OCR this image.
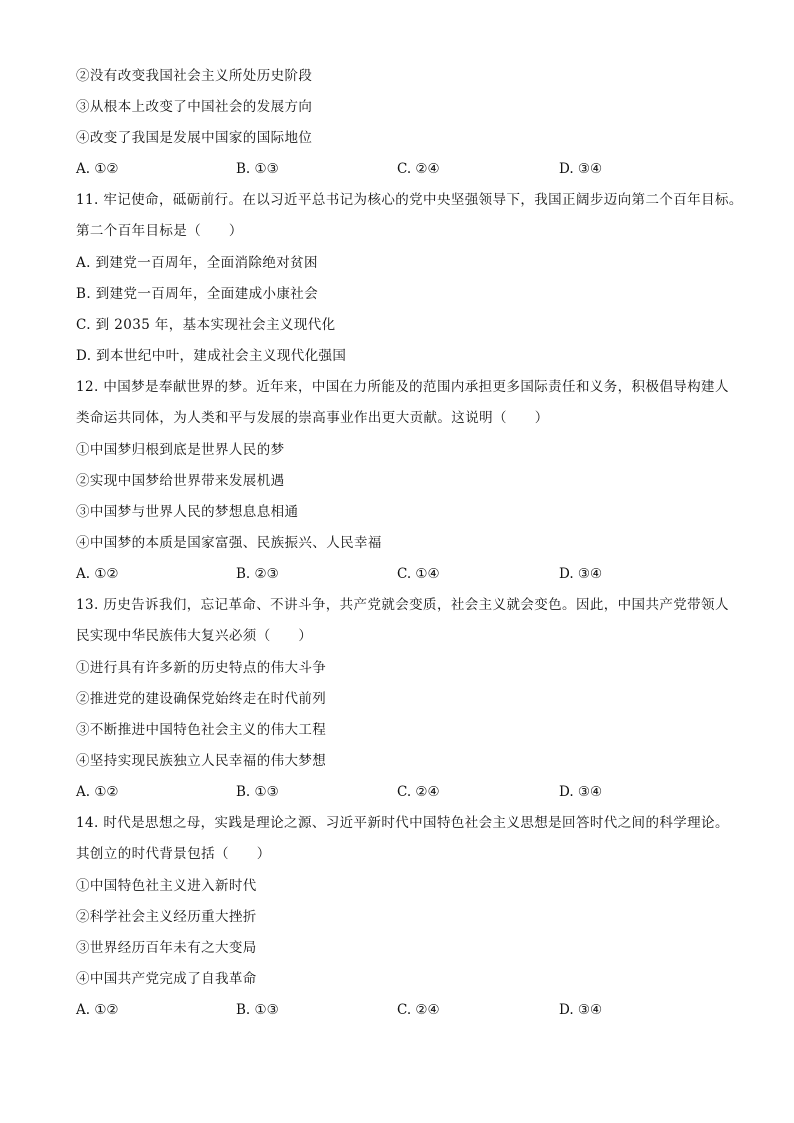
②没有改变我国社会主义所处历史阶段
③从根本上改变了中国社会的发展方向
④改变了我国是发展中国家的国际地位
A. ①②	B. ①③	C. ②④	D. ③④
11. 牢记使命，砥砺前行。在以习近平总书记为核心的党中央坚强领导下，我国正阔步迈向第二个百年目标。
第二个百年目标是（　　）
A. 到建党一百周年，全面消除绝对贫困
B. 到建党一百周年，全面建成小康社会
C. 到 2035 年，基本实现社会主义现代化
D. 到本世纪中叶，建成社会主义现代化强国
12. 中国梦是奉献世界的梦。近年来，中国在力所能及的范围内承担更多国际责任和义务，积极倡导构建人
类命运共同体，为人类和平与发展的崇高事业作出更大贡献。这说明（　　）
①中国梦归根到底是世界人民的梦
②实现中国梦给世界带来发展机遇
③中国梦与世界人民的梦想息息相通
④中国梦的本质是国家富强、民族振兴、人民幸福
A. ①②	B. ②③	C. ①④	D. ③④
13. 历史告诉我们，忘记革命、不讲斗争，共产党就会变质，社会主义就会变色。因此，中国共产党带领人
民实现中华民族伟大复兴必须（　　）
①进行具有许多新的历史特点的伟大斗争
②推进党的建设确保党始终走在时代前列
③不断推进中国特色社会主义的伟大工程
④坚持实现民族独立人民幸福的伟大梦想
A. ①②	B. ①③	C. ②④	D. ③④
14. 时代是思想之母，实践是理论之源、习近平新时代中国特色社会主义思想是回答时代之间的科学理论。
其创立的时代背景包括（　　）
①中国特色社主义进入新时代
②科学社会主义经历重大挫折
③世界经历百年未有之大变局
④中国共产党完成了自我革命
A. ①②	B. ①③	C. ②④	D. ③④
